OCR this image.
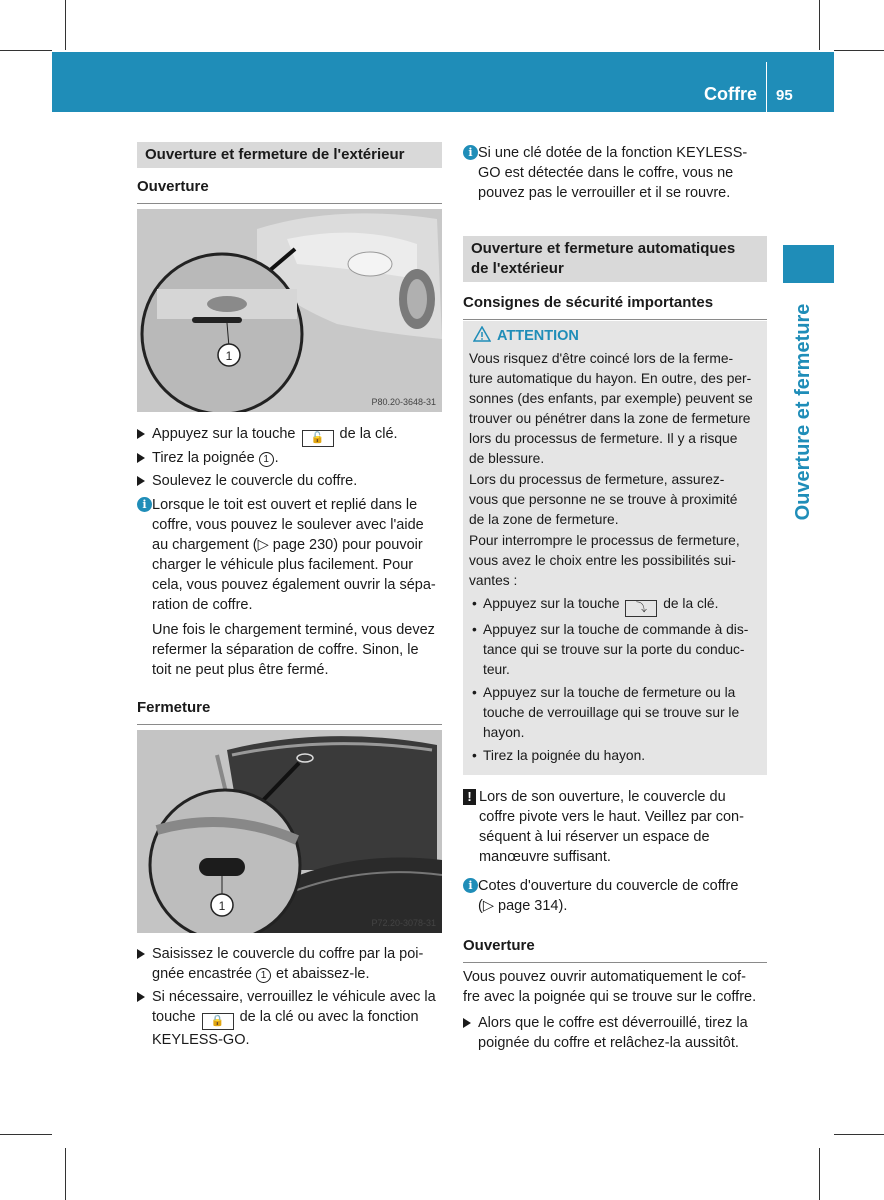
Coffre 95
Ouverture et fermeture
Ouverture et fermeture de l'extérieur
Ouverture
1
P80.20-3648-31
Appuyez sur la touche 🔓 de la clé.
Tirez la poignée 1 .
Soulevez le couvercle du coffre.
i Lorsque le toit est ouvert et replié dans le
coffre, vous pouvez le soulever avec l'aide
au chargement (▷ page 230) pour pouvoir
charger le véhicule plus facilement. Pour
cela, vous pouvez également ouvrir la sépa-
ration de coffre.
Une fois le chargement terminé, vous devez
refermer la séparation de coffre. Sinon, le
toit ne peut plus être fermé.
Fermeture
1
P72.20-3078-31
Saisissez le couvercle du coffre par la poi-
gnée encastrée 1 et abaissez-le.
Si nécessaire, verrouillez le véhicule avec la
touche 🔒 de la clé ou avec la fonction
KEYLESS-GO.
i Si une clé dotée de la fonction KEYLESS-
GO est détectée dans le coffre, vous ne
pouvez pas le verrouiller et il se rouvre.
Ouverture et fermeture automatiques
de l'extérieur
Consignes de sécurité importantes
ATTENTION
Vous risquez d'être coincé lors de la ferme-
ture automatique du hayon. En outre, des per-
sonnes (des enfants, par exemple) peuvent se
trouver ou pénétrer dans la zone de fermeture
lors du processus de fermeture. Il y a risque
de blessure.
Lors du processus de fermeture, assurez-
vous que personne ne se trouve à proximité
de la zone de fermeture.
Pour interrompre le processus de fermeture,
vous avez le choix entre les possibilités sui-
vantes :
• Appuyez sur la touche ⤵ de la clé.
• Appuyez sur la touche de commande à dis-
tance qui se trouve sur la porte du conduc-
teur.
• Appuyez sur la touche de fermeture ou la
touche de verrouillage qui se trouve sur le
hayon.
• Tirez la poignée du hayon.
! Lors de son ouverture, le couvercle du
coffre pivote vers le haut. Veillez par con-
séquent à lui réserver un espace de
manœuvre suffisant.
i Cotes d'ouverture du couvercle de coffre
(▷ page 314).
Ouverture
Vous pouvez ouvrir automatiquement le cof-
fre avec la poignée qui se trouve sur le coffre.
Alors que le coffre est déverrouillé, tirez la
poignée du coffre et relâchez-la aussitôt.
